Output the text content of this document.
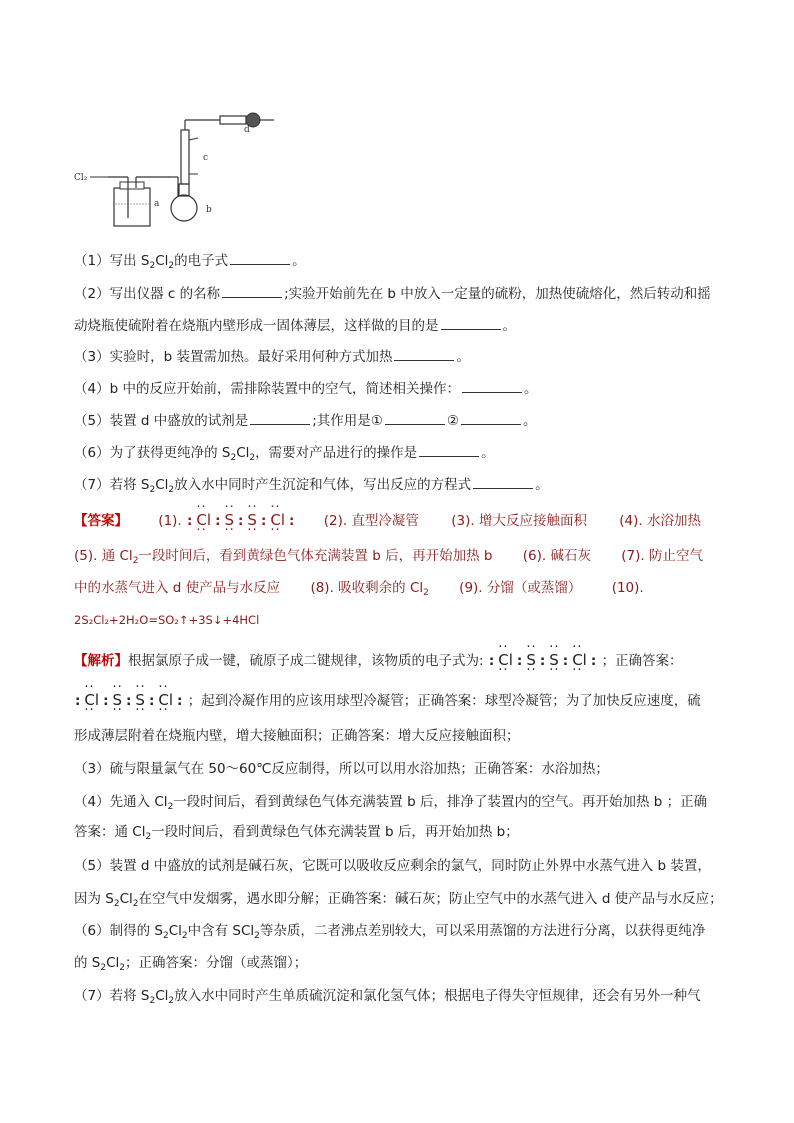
Cl₂
a
b
c
d
（1）写出 $S_2Cl_2$的电子式	。
（2）写出仪器 c 的名称	;实验开始前先在 b 中放入一定量的硫粉，加热使硫熔化，然后转动和摇
动烧瓶使硫附着在烧瓶内壁形成一固体薄层，这样做的目的是	。
（3）实验时，b 装置需加热。最好采用何种方式加热	。
（4）b 中的反应开始前，需排除装置中的空气，简述相关操作：	。
（5）装置 d 中盛放的试剂是	;其作用是①	②	。
（6）为了获得更纯净的 $S_2Cl_2$，需要对产品进行的操作是	。
（7）若将 $S_2Cl_2$放入水中同时产生沉淀和气体，写出反应的方程式	。
【答案】 (1). : ·· Cl ·· : ·· S ·· : ·· S ·· : ·· Cl ·· : (2). 直型冷凝管 (3). 增大反应接触面积 (4). 水浴加热
(5). 通 $Cl_2$一段时间后，看到黄绿色气体充满装置 b 后，再开始加热 b (6). 碱石灰 (7). 防止空气
中的水蒸气进入 d 使产品与水反应 (8). 吸收剩余的 $Cl_2$ (9). 分馏（或蒸馏） (10).
2S₂Cl₂+2H₂O=SO₂↑+3S↓+4HCl
【解析】根据氯原子成一键，硫原子成二键规律，该物质的电子式为: : ·· Cl ·· : ·· S ·· : ·· S ·· : ·· Cl ·· : ；正确答案：
: ·· Cl ·· : ·· S ·· : ·· S ·· : ·· Cl ·· : ；起到冷凝作用的应该用球型冷凝管；正确答案：球型冷凝管；为了加快反应速度，硫
形成薄层附着在烧瓶内壁，增大接触面积；正确答案：增大反应接触面积；
（3）硫与限量氯气在 50～60℃反应制得，所以可以用水浴加热；正确答案：水浴加热；
（4）先通入 $Cl_2$一段时间后，看到黄绿色气体充满装置 b 后，排净了装置内的空气。再开始加热 b ；正确
答案：通 $Cl_2$一段时间后，看到黄绿色气体充满装置 b 后，再开始加热 b；
（5）装置 d 中盛放的试剂是碱石灰，它既可以吸收反应剩余的氯气，同时防止外界中水蒸气进入 b 装置，
因为 $S_2Cl_2$在空气中发烟雾，遇水即分解；正确答案：碱石灰；防止空气中的水蒸气进入 d 使产品与水反应；
（6）制得的 $S_2Cl_2$中含有 SCl$_2$等杂质，二者沸点差别较大，可以采用蒸馏的方法进行分离，以获得更纯净
的 $S_2Cl_2$；正确答案：分馏（或蒸馏）；
（7）若将 $S_2Cl_2$放入水中同时产生单质硫沉淀和氯化氢气体；根据电子得失守恒规律，还会有另外一种气
